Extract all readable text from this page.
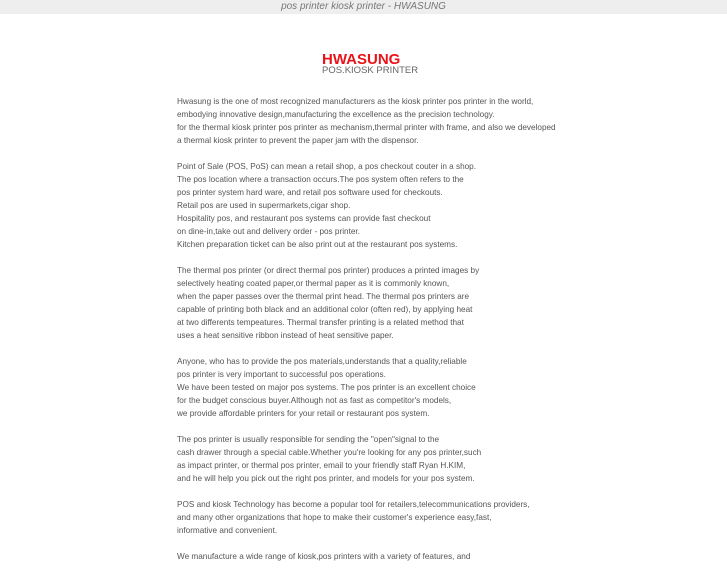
pos printer kiosk printer - HWASUNG
HWASUNG
POS.KIOSK PRINTER
Hwasung is the one of most recognized manufacturers as the kiosk printer pos printer in the world,
embodying innovative design,manufacturing the excellence as the precision technology.
for the thermal kiosk printer pos printer as mechanism,thermal printer with frame, and also we developed
a thermal kiosk printer to prevent the paper jam with the dispensor.
Point of Sale (POS, PoS) can mean a retail shop, a pos checkout couter in a shop.
The pos location where a transaction occurs.The pos system often refers to the
pos printer system hard ware, and retail pos software used for checkouts.
Retail pos are used in supermarkets,cigar shop.
Hospitality pos, and restaurant pos systems can provide fast checkout
on dine-in,take out and delivery order - pos printer.
Kitchen preparation ticket can be also print out at the restaurant pos systems.
The thermal pos printer (or direct thermal pos printer) produces a printed images by
selectively heating coated paper,or thermal paper as it is commonly known,
when the paper passes over the thermal print head. The thermal pos printers are
capable of printing both black and an additional color (often red), by applying heat
at two differents tempeatures. Thermal transfer printing is a related method that
uses a heat sensitive ribbon instead of heat sensitive paper.
Anyone, who has to provide the pos materials,understands that a quality,reliable
pos printer is very important to successful pos operations.
We have been tested on major pos systems. The pos printer is an excellent choice
for the budget conscious buyer.Although not as fast as competitor's models,
we provide affordable printers for your retail or restaurant pos system.
The pos printer is usually responsible for sending the "open"signal to the
cash drawer through a special cable.Whether you're looking for any pos printer,such
as impact printer, or thermal pos printer, email to your friendly staff Ryan H.KIM,
and he will help you pick out the right pos printer, and models for your pos system.
POS and kiosk Technology has become a popular tool for retailers,telecommunications providers,
and many other organizations that hope to make their customer's experience easy,fast,
informative and convenient.
We manufacture a wide range of kiosk,pos printers with a variety of features, and
